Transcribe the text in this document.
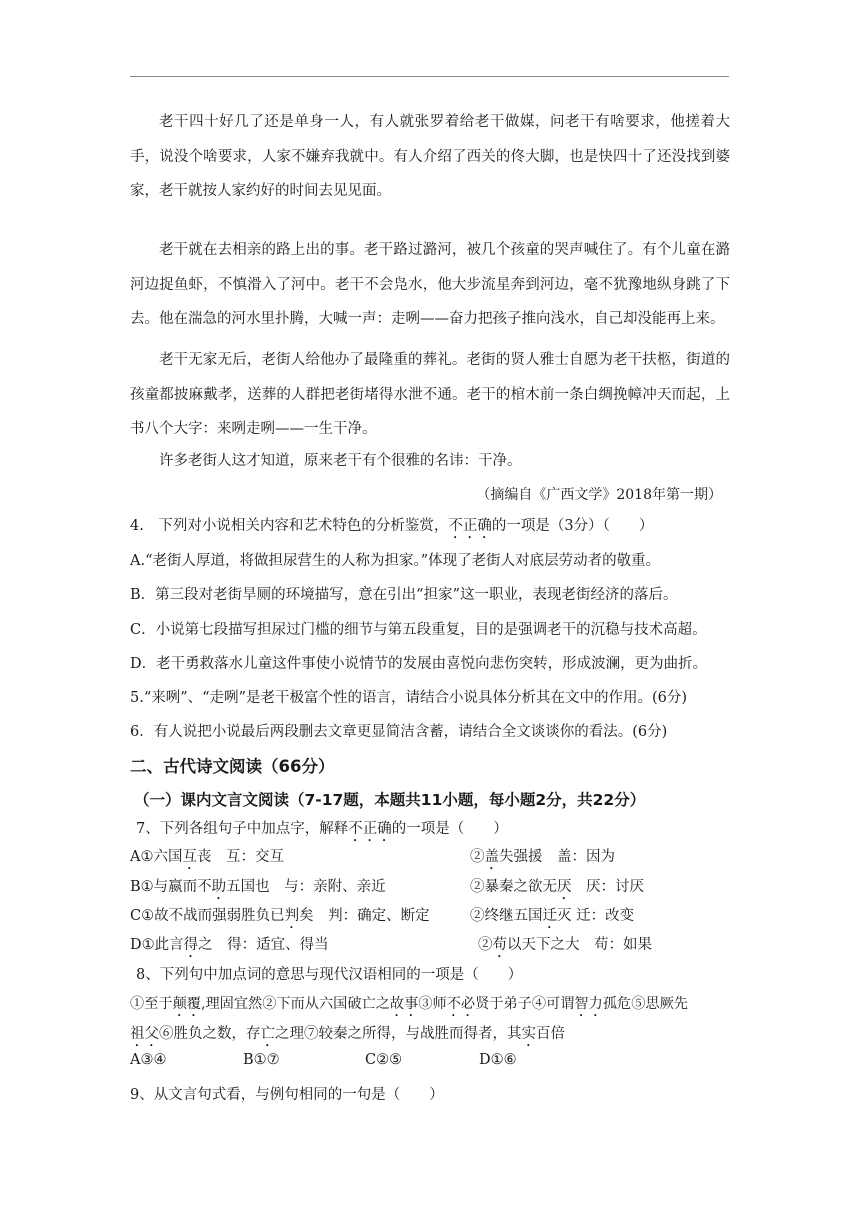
老干四十好几了还是单身一人，有人就张罗着给老干做媒，问老干有啥要求，他搓着大手，说没个啥要求，人家不嫌弃我就中。有人介绍了西关的佟大脚，也是快四十了还没找到婆家，老干就按人家约好的时间去见见面。

老干就在去相亲的路上出的事。老干路过潞河，被几个孩童的哭声喊住了。有个儿童在潞河边捉鱼虾，不慎滑入了河中。老干不会凫水，他大步流星奔到河边，毫不犹豫地纵身跳了下去。他在湍急的河水里扑腾，大喊一声：走咧——奋力把孩子推向浅水，自己却没能再上来。

老干无家无后，老街人给他办了最隆重的葬礼。老街的贤人雅士自愿为老干扶柩，街道的孩童都披麻戴孝，送葬的人群把老街堵得水泄不通。老干的棺木前一条白绸挽幛冲天而起，上书八个大字：来咧走咧——一生干净。

许多老街人这才知道，原来老干有个很雅的名讳：干净。

（摘编自《广西文学》2018年第一期）
4.　下列对小说相关内容和艺术特色的分析鉴赏，不正确的一项是（3分）（　　）
A.“老街人厚道，将做担尿营生的人称为担家。”体现了老街人对底层劳动者的敬重。
B．第三段对老街旱厕的环境描写，意在引出“担家”这一职业，表现老街经济的落后。
C．小说第七段描写担尿过门槛的细节与第五段重复，目的是强调老干的沉稳与技术高超。
D．老干勇救落水儿童这件事使小说情节的发展由喜悦向悲伤突转，形成波澜，更为曲折。
5.“来咧”、“走咧”是老干极富个性的语言，请结合小说具体分析其在文中的作用。(6分)
6．有人说把小说最后两段删去文章更显简洁含蓄，请结合全文谈谈你的看法。(6分)
二、古代诗文阅读（66分）
（一）课内文言文阅读（7-17题，本题共11小题，每小题2分，共22分）
7、下列各组句子中加点字，解释不正确的一项是（　　）
A①六国互丧　互：交互	②盖失强援　盖：因为
B①与嬴而不助五国也　与：亲附、亲近	②暴秦之欲无厌　厌：讨厌
C①故不战而强弱胜负已判矣　判：确定、断定	②终继五国迁灭 迁：改变
D①此言得之　得：适宜、得当	②苟以天下之大　苟：如果
8、下列句中加点词的意思与现代汉语相同的一项是（　　）
①至于颠覆,理固宜然②下而从六国破亡之故事③师不必贤于弟子④可谓智力孤危⑤思厥先
祖父⑥胜负之数，存亡之理⑦较秦之所得，与战胜而得者，其实百倍
A③④	B①⑦	C②⑤	D①⑥
9、从文言句式看，与例句相同的一句是（　　）
